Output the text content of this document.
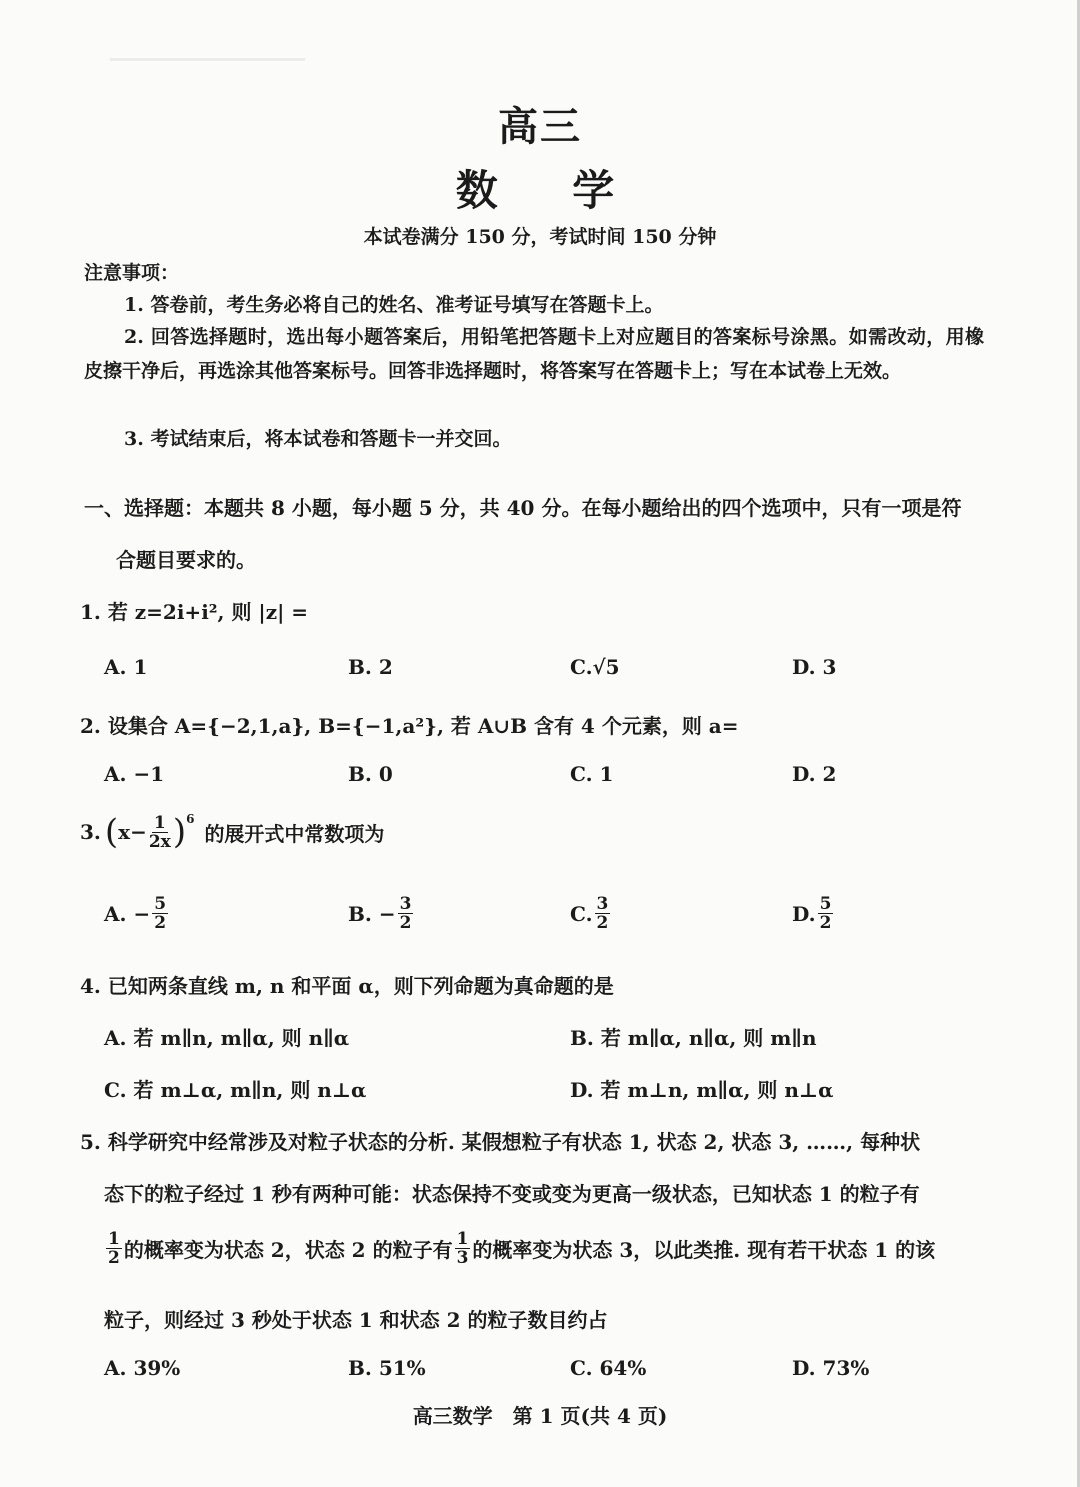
高三
数 学
本试卷满分 150 分，考试时间 150 分钟
注意事项：
1. 答卷前，考生务必将自己的姓名、准考证号填写在答题卡上。
2. 回答选择题时，选出每小题答案后，用铅笔把答题卡上对应题目的答案标号涂黑。如需改动，用橡皮擦干净后，再选涂其他答案标号。回答非选择题时，将答案写在答题卡上；写在本试卷上无效。
3. 考试结束后，将本试卷和答题卡一并交回。
一、选择题：本题共 8 小题，每小题 5 分，共 40 分。在每小题给出的四个选项中，只有一项是符
合题目要求的。
1. 若 z=2i+i², 则 |z| =
A. 1	B. 2	C.√5	D. 3
2. 设集合 A={−2,1,a}, B={−1,a²}, 若 A∪B 含有 4 个元素，则 a=
A. −1	B. 0	C. 1	D. 2
3. ( $x- \frac{1}{2x}$ ) 6
的展开式中常数项为
A. − $\frac{5}{2}$	B. − $\frac{3}{2}$	C. $\frac{3}{2}$	D. $\frac{5}{2}$
4. 已知两条直线 m, n 和平面 α，则下列命题为真命题的是
A. 若 m∥n, m∥α, 则 n∥α	B. 若 m∥α, n∥α, 则 m∥n
C. 若 m⊥α, m∥n, 则 n⊥α	D. 若 m⊥n, m∥α, 则 n⊥α
5. 科学研究中经常涉及对粒子状态的分析. 某假想粒子有状态 1, 状态 2, 状态 3, ……, 每种状
态下的粒子经过 1 秒有两种可能：状态保持不变或变为更高一级状态，已知状态 1 的粒子有
$\frac{1}{2}$ 的概率变为状态 2，状态 2 的粒子有 $\frac{1}{3}$ 的概率变为状态 3，以此类推. 现有若干状态 1 的该
粒子，则经过 3 秒处于状态 1 和状态 2 的粒子数目约占
A. 39%	B. 51%	C. 64%	D. 73%
高三数学　第 1 页(共 4 页)
